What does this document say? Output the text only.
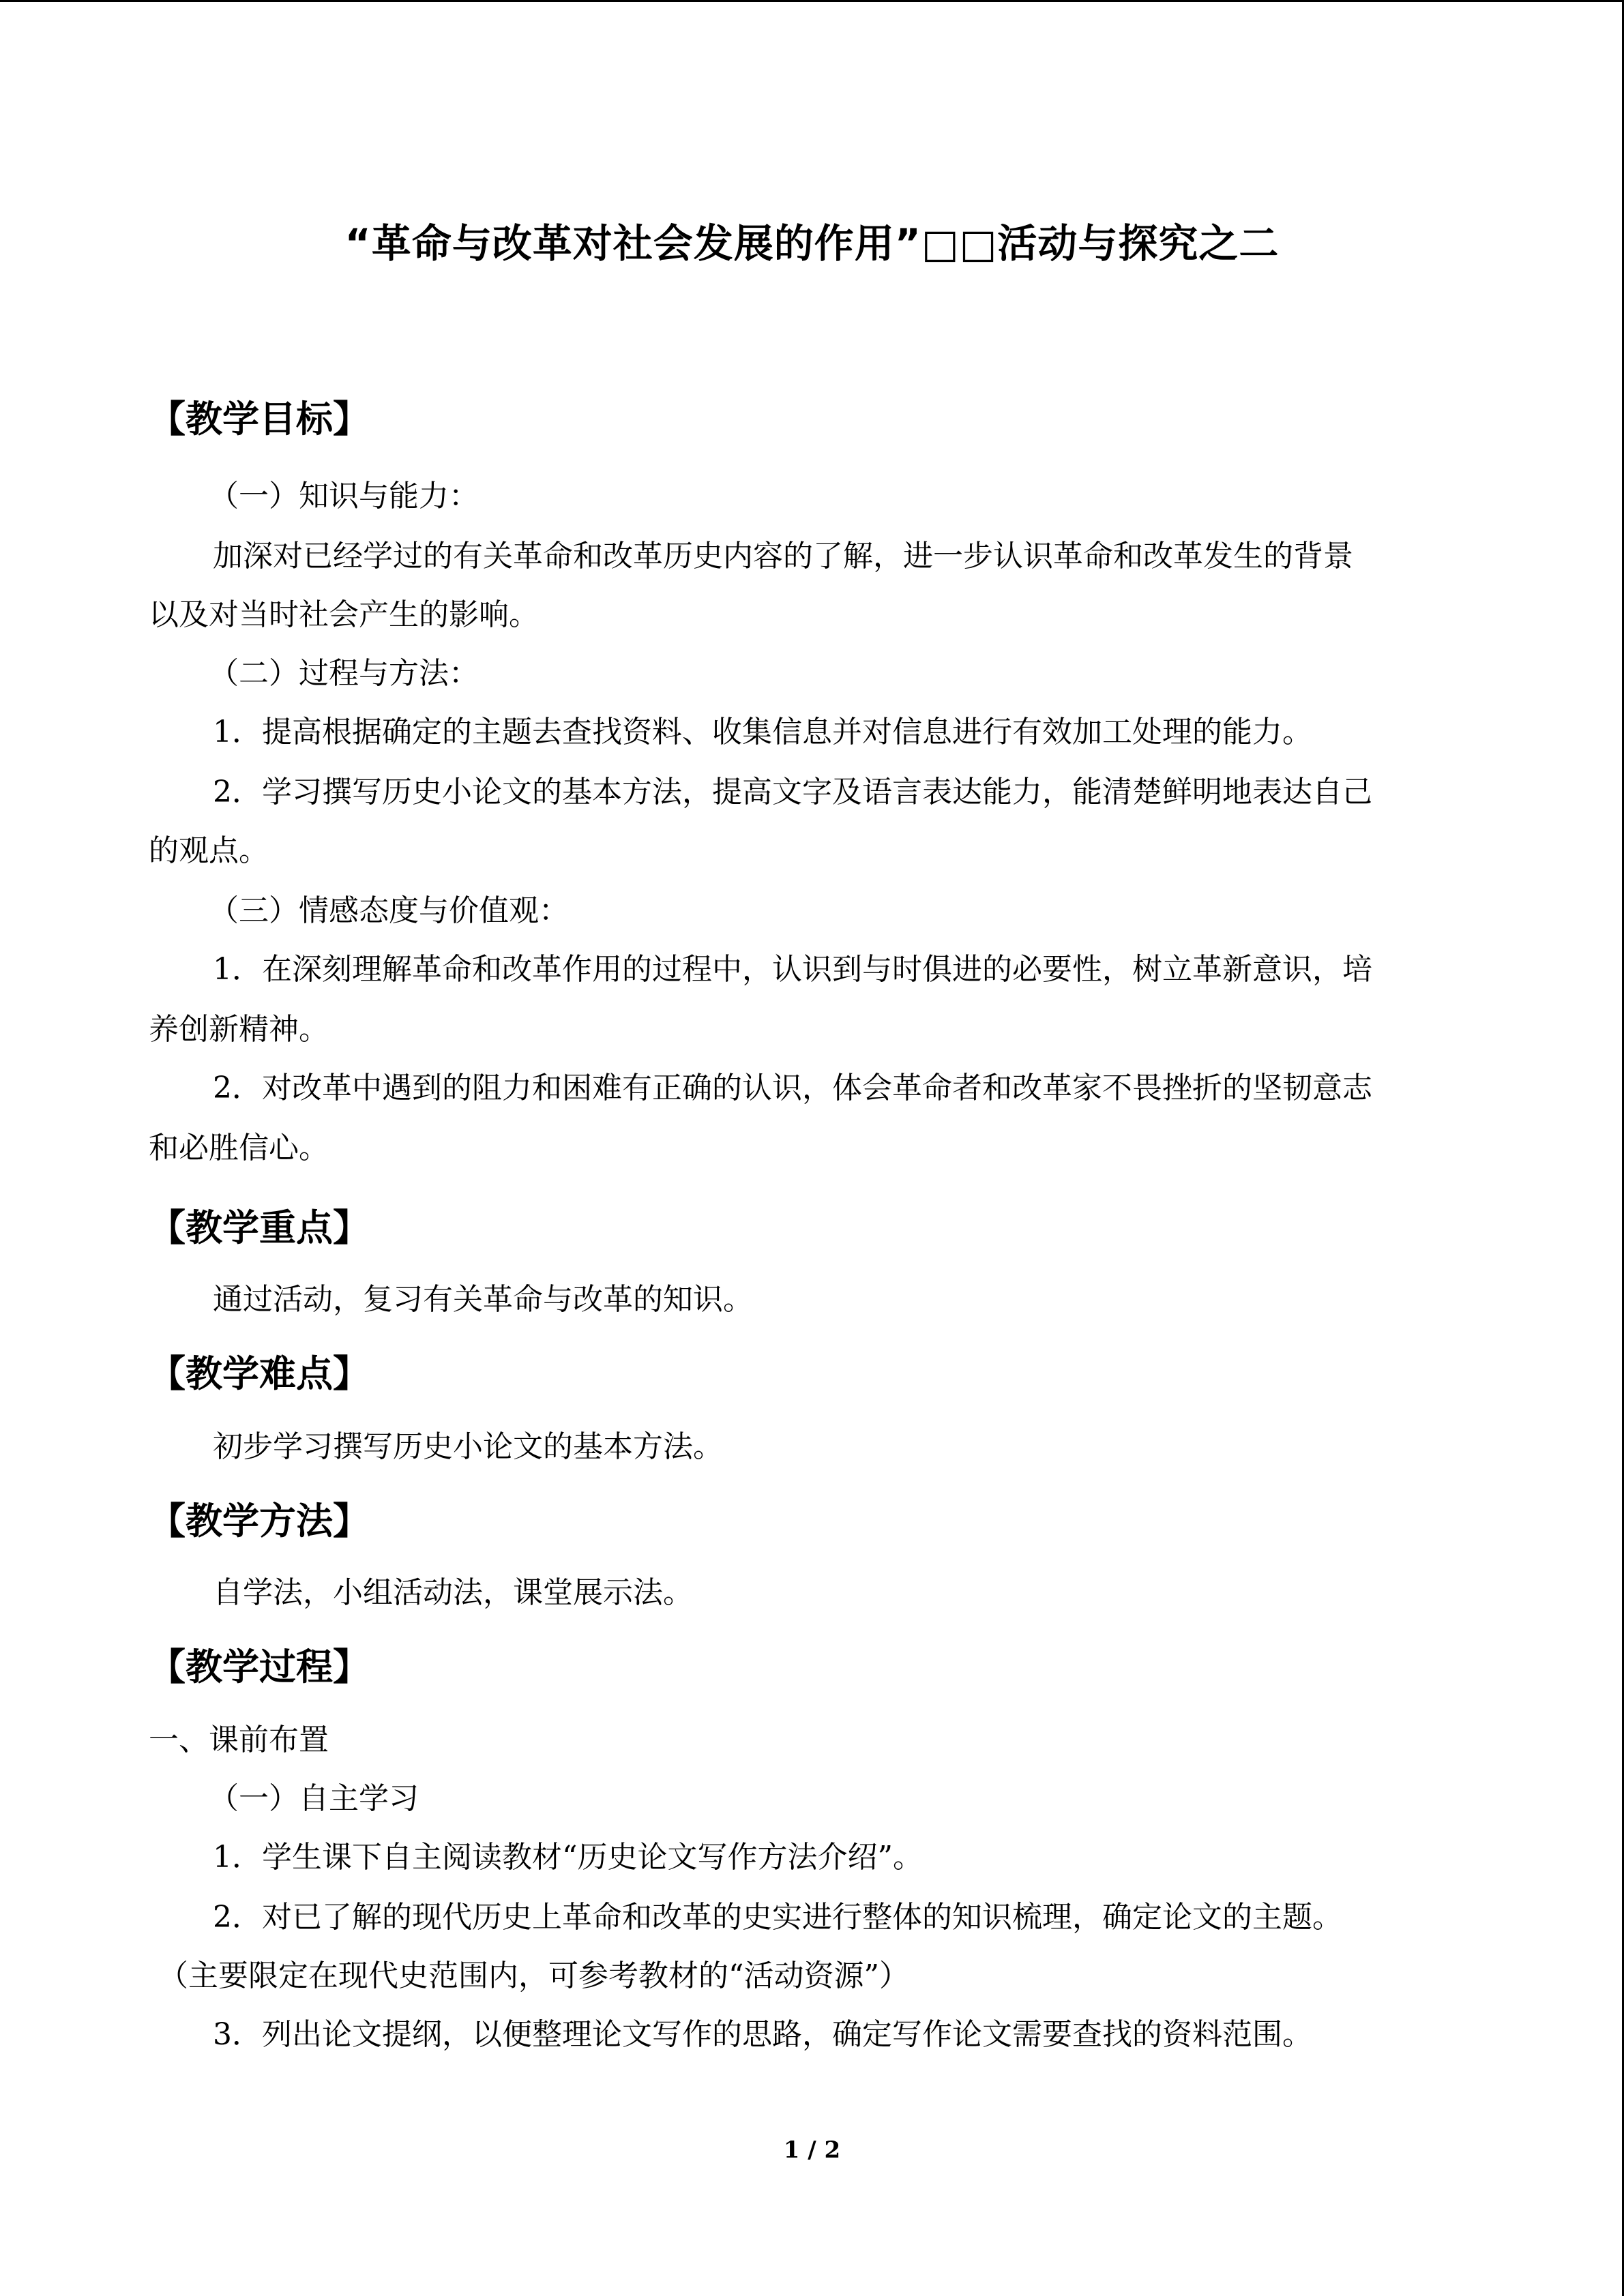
“革命与改革对社会发展的作用”□□活动与探究之二
【教学目标】
（一）知识与能力：
加深对已经学过的有关革命和改革历史内容的了解，进一步认识革命和改革发生的背景
以及对当时社会产生的影响。
（二）过程与方法：
1．提高根据确定的主题去查找资料、收集信息并对信息进行有效加工处理的能力。
2．学习撰写历史小论文的基本方法，提高文字及语言表达能力，能清楚鲜明地表达自己
的观点。
（三）情感态度与价值观：
1．在深刻理解革命和改革作用的过程中，认识到与时俱进的必要性，树立革新意识，培
养创新精神。
2．对改革中遇到的阻力和困难有正确的认识，体会革命者和改革家不畏挫折的坚韧意志
和必胜信心。
【教学重点】
通过活动，复习有关革命与改革的知识。
【教学难点】
初步学习撰写历史小论文的基本方法。
【教学方法】
自学法，小组活动法，课堂展示法。
【教学过程】
一、课前布置
（一）自主学习
1．学生课下自主阅读教材“历史论文写作方法介绍”。
2．对已了解的现代历史上革命和改革的史实进行整体的知识梳理，确定论文的主题。
（主要限定在现代史范围内，可参考教材的“活动资源”）
3．列出论文提纲，以便整理论文写作的思路，确定写作论文需要查找的资料范围。
1 / 2
